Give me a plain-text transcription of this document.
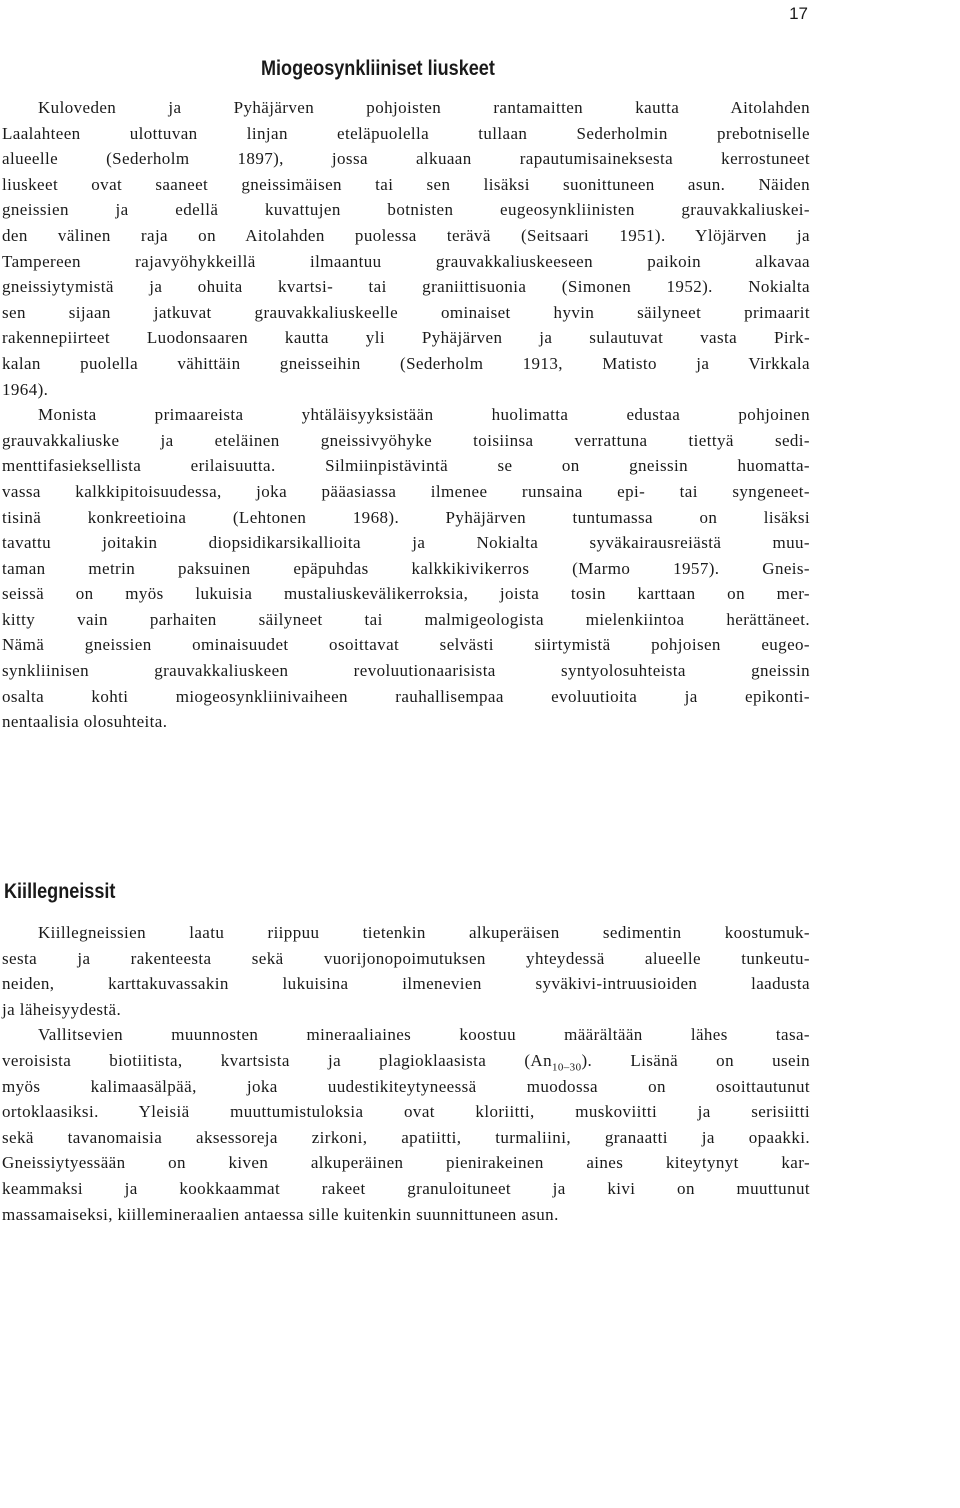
17
Miogeosynkliiniset liuskeet
Kuloveden ja Pyhäjärven pohjoisten rantamaitten kautta Aitolahden
Laalahteen ulottuvan linjan eteläpuolella tullaan Sederholmin prebotniselle
alueelle (Sederholm 1897), jossa alkuaan rapautumisaineksesta kerrostuneet
liuskeet ovat saaneet gneissimäisen tai sen lisäksi suonittuneen asun. Näiden
gneissien ja edellä kuvattujen botnisten eugeosynkliinisten grauvakkaliuskei-
den välinen raja on Aitolahden puolessa terävä (Seitsaari 1951). Ylöjärven ja
Tampereen rajavyöhykkeillä ilmaantuu grauvakkaliuskeeseen paikoin alkavaa
gneissiytymistä ja ohuita kvartsi- tai graniittisuonia (Simonen 1952). Nokialta
sen sijaan jatkuvat grauvakkaliuskeelle ominaiset hyvin säilyneet primaarit
rakennepiirteet Luodonsaaren kautta yli Pyhäjärven ja sulautuvat vasta Pirk-
kalan puolella vähittäin gneisseihin (Sederholm 1913, Matisto ja Virkkala
1964).
Monista primaareista yhtäläisyyksistään huolimatta edustaa pohjoinen
grauvakkaliuske ja eteläinen gneissivyöhyke toisiinsa verrattuna tiettyä sedi-
menttifasieksellista erilaisuutta. Silmiinpistävintä se on gneissin huomatta-
vassa kalkkipitoisuudessa, joka pääasiassa ilmenee runsaina epi- tai syngeneet-
tisinä konkreetioina (Lehtonen 1968). Pyhäjärven tuntumassa on lisäksi
tavattu joitakin diopsidikarsikallioita ja Nokialta syväkairausreiästä muu-
taman metrin paksuinen epäpuhdas kalkkikivikerros (Marmo 1957). Gneis-
seissä on myös lukuisia mustaliuskevälikerroksia, joista tosin karttaan on mer-
kitty vain parhaiten säilyneet tai malmigeologista mielenkiintoa herättäneet.
Nämä gneissien ominaisuudet osoittavat selvästi siirtymistä pohjoisen eugeo-
synkliinisen grauvakkaliuskeen revoluutionaarisista syntyolosuhteista gneissin
osalta kohti miogeosynkliinivaiheen rauhallisempaa evoluutioita ja epikonti-
nentaalisia olosuhteita.
Kiillegneissit
Kiillegneissien laatu riippuu tietenkin alkuperäisen sedimentin koostumuk-
sesta ja rakenteesta sekä vuorijonopoimutuksen yhteydessä alueelle tunkeutu-
neiden, karttakuvassakin lukuisina ilmenevien syväkivi-intruusioiden laadusta
ja läheisyydestä.
Vallitsevien muunnosten mineraaliaines koostuu määrältään lähes tasa-
veroisista biotiitista, kvartsista ja plagioklaasista $(An_{10-30})$. Lisänä on usein
myös kalimaasälpää, joka uudestikiteytyneessä muodossa on osoittautunut
ortoklaasiksi. Yleisiä muuttumistuloksia ovat kloriitti, muskoviitti ja serisiitti
sekä tavanomaisia aksessoreja zirkoni, apatiitti, turmaliini, granaatti ja opaakki.
Gneissiytyessään on kiven alkuperäinen pienirakeinen aines kiteytynyt kar-
keammaksi ja kookkaammat rakeet granuloituneet ja kivi on muuttunut
massamaiseksi, kiillemineraalien antaessa sille kuitenkin suunnittuneen asun.
